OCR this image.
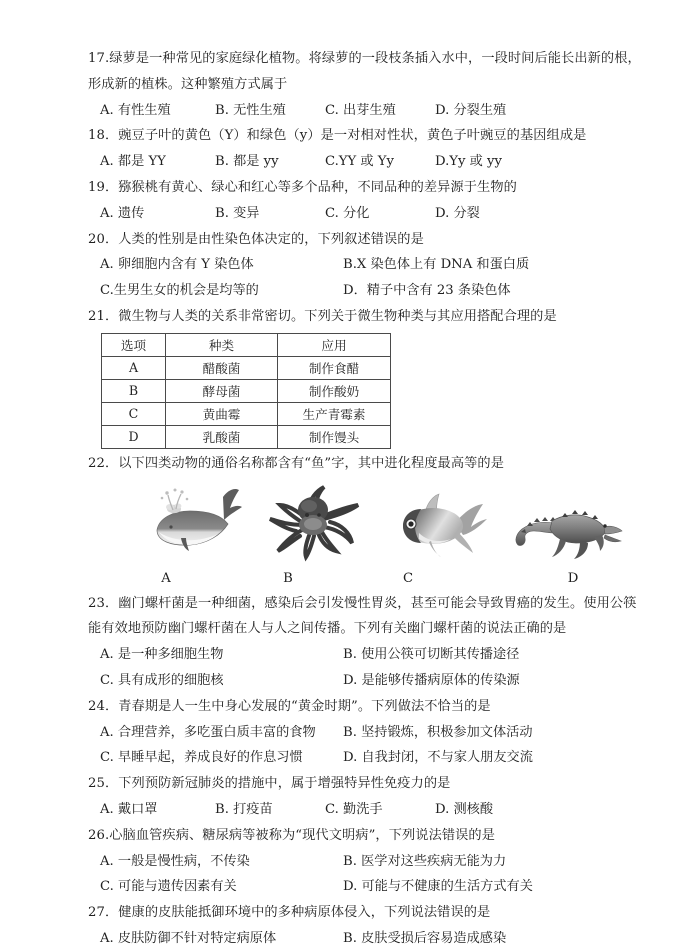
17.绿萝是一种常见的家庭绿化植物。将绿萝的一段枝条插入水中，一段时间后能长出新的根，
形成新的植株。这种繁殖方式属于
A. 有性生殖	B. 无性生殖	C. 出芽生殖	D. 分裂生殖
18．豌豆子叶的黄色（Y）和绿色（y）是一对相对性状，黄色子叶豌豆的基因组成是
A. 都是 YY	B. 都是 yy	C.YY 或 Yy	D.Yy 或 yy
19．猕猴桃有黄心、绿心和红心等多个品种，不同品种的差异源于生物的
A. 遗传	B. 变异	C. 分化	D. 分裂
20．人类的性别是由性染色体决定的，下列叙述错误的是
A. 卵细胞内含有 Y 染色体	B.X 染色体上有 DNA 和蛋白质
C.生男生女的机会是均等的	D．精子中含有 23 条染色体
21．微生物与人类的关系非常密切。下列关于微生物种类与其应用搭配合理的是
选项	种类	应用
A	醋酸菌	制作食醋
B	酵母菌	制作酸奶
C	黄曲霉	生产青霉素
D	乳酸菌	制作馒头
22．以下四类动物的通俗名称都含有“鱼”字，其中进化程度最高等的是
A	B	C	D
23．幽门螺杆菌是一种细菌，感染后会引发慢性胃炎，甚至可能会导致胃癌的发生。使用公筷
能有效地预防幽门螺杆菌在人与人之间传播。下列有关幽门螺杆菌的说法正确的是
A. 是一种多细胞生物	B. 使用公筷可切断其传播途径
C. 具有成形的细胞核	D. 是能够传播病原体的传染源
24．青春期是人一生中身心发展的“黄金时期”。下列做法不恰当的是
A. 合理营养，多吃蛋白质丰富的食物	B. 坚持锻炼，积极参加文体活动
C. 早睡早起，养成良好的作息习惯	D. 自我封闭，不与家人朋友交流
25．下列预防新冠肺炎的措施中，属于增强特异性免疫力的是
A. 戴口罩	B. 打疫苗	C. 勤洗手	D. 测核酸
26.心脑血管疾病、糖尿病等被称为“现代文明病”，下列说法错误的是
A. 一般是慢性病，不传染	B. 医学对这些疾病无能为力
C. 可能与遗传因素有关	D. 可能与不健康的生活方式有关
27．健康的皮肤能抵御环境中的多种病原体侵入，下列说法错误的是
A. 皮肤防御不针对特定病原体	B. 皮肤受损后容易造成感染
